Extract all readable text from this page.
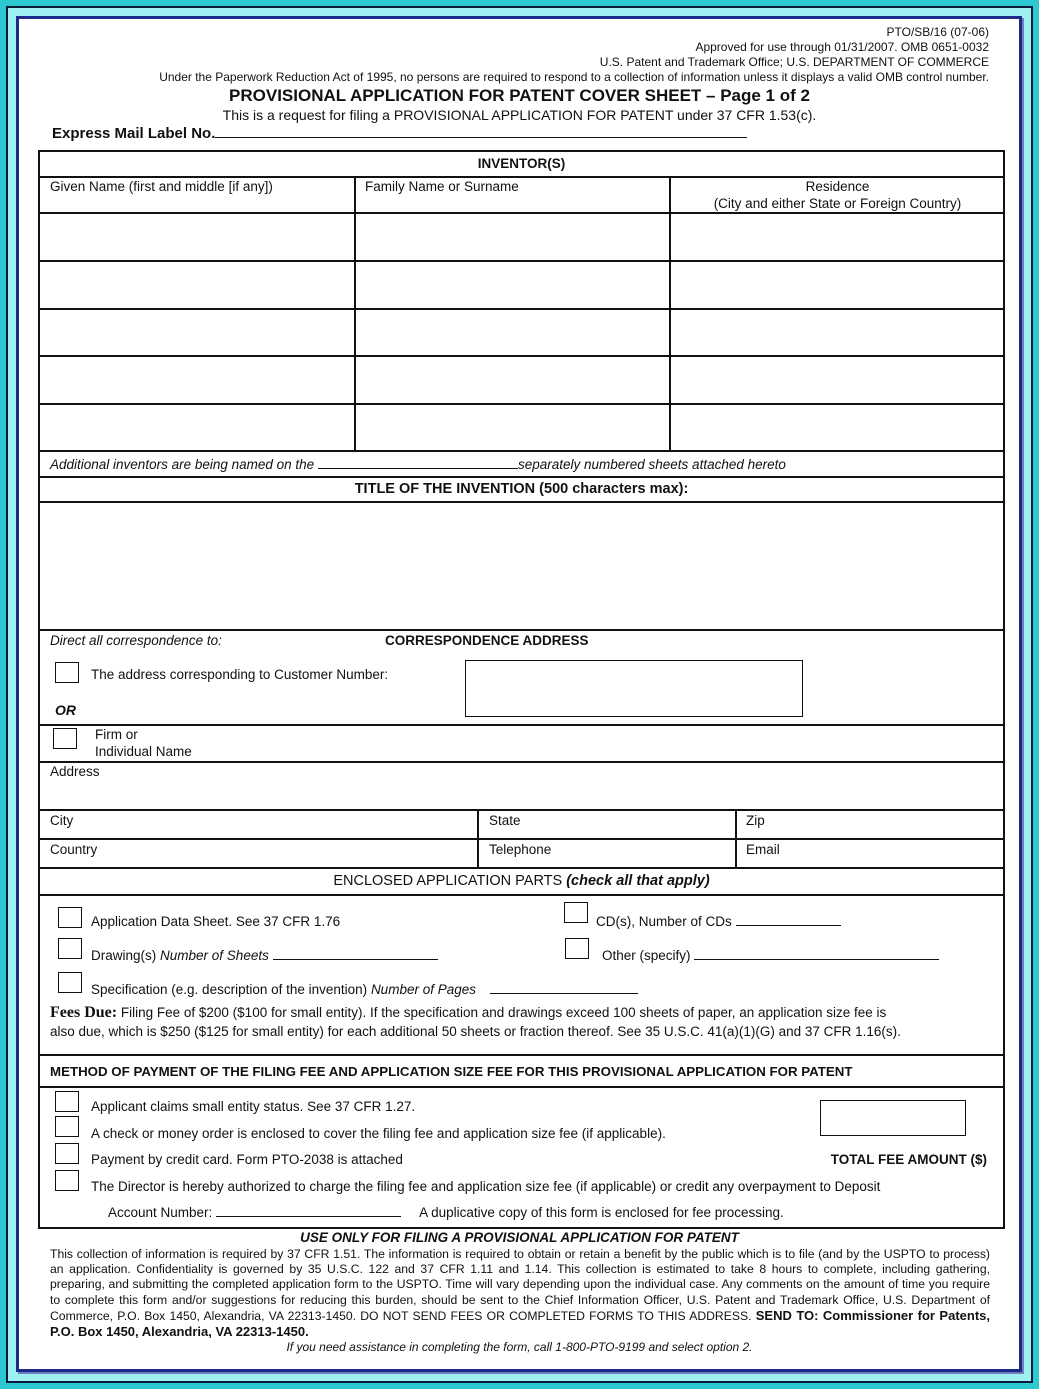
PTO/SB/16 (07-06)
Approved for use through 01/31/2007. OMB 0651-0032
U.S. Patent and Trademark Office; U.S. DEPARTMENT OF COMMERCE
Under the Paperwork Reduction Act of 1995, no persons are required to respond to a collection of information unless it displays a valid OMB control number.
PROVISIONAL APPLICATION FOR PATENT COVER SHEET – Page 1 of 2
This is a request for filing a PROVISIONAL APPLICATION FOR PATENT under 37 CFR 1.53(c).
Express Mail Label No.
INVENTOR(S)
Given Name (first and middle [if any])	Family Name or Surname	Residence
(City and either State or Foreign Country)
Additional inventors are being named on the	separately numbered sheets attached hereto
TITLE OF THE INVENTION (500 characters max):
Direct all correspondence to:	CORRESPONDENCE ADDRESS
The address corresponding to Customer Number:
OR
Firm or
Individual Name
Address
City	State	Zip
Country	Telephone	Email
ENCLOSED APPLICATION PARTS (check all that apply)
Application Data Sheet. See 37 CFR 1.76	CD(s), Number of CDs
Drawing(s) Number of Sheets	Other (specify)
Specification (e.g. description of the invention) Number of Pages
Fees Due: Filing Fee of $200 ($100 for small entity). If the specification and drawings exceed 100 sheets of paper, an application size fee is
also due, which is $250 ($125 for small entity) for each additional 50 sheets or fraction thereof. See 35 U.S.C. 41(a)(1)(G) and 37 CFR 1.16(s).
METHOD OF PAYMENT OF THE FILING FEE AND APPLICATION SIZE FEE FOR THIS PROVISIONAL APPLICATION FOR PATENT
Applicant claims small entity status. See 37 CFR 1.27.
A check or money order is enclosed to cover the filing fee and application size fee (if applicable).
Payment by credit card. Form PTO-2038 is attached
The Director is hereby authorized to charge the filing fee and application size fee (if applicable) or credit any overpayment to Deposit
Account Number:	A duplicative copy of this form is enclosed for fee processing.
TOTAL FEE AMOUNT ($)
USE ONLY FOR FILING A PROVISIONAL APPLICATION FOR PATENT
This collection of information is required by 37 CFR 1.51. The information is required to obtain or retain a benefit by the public which is to file (and by the USPTO to process) an application. Confidentiality is governed by 35 U.S.C. 122 and 37 CFR 1.11 and 1.14. This collection is estimated to take 8 hours to complete, including gathering, preparing, and submitting the completed application form to the USPTO. Time will vary depending upon the individual case. Any comments on the amount of time you require to complete this form and/or suggestions for reducing this burden, should be sent to the Chief Information Officer, U.S. Patent and Trademark Office, U.S. Department of Commerce, P.O. Box 1450, Alexandria, VA 22313-1450. DO NOT SEND FEES OR COMPLETED FORMS TO THIS ADDRESS. SEND TO: Commissioner for Patents, P.O. Box 1450, Alexandria, VA 22313-1450.
If you need assistance in completing the form, call 1-800-PTO-9199 and select option 2.
